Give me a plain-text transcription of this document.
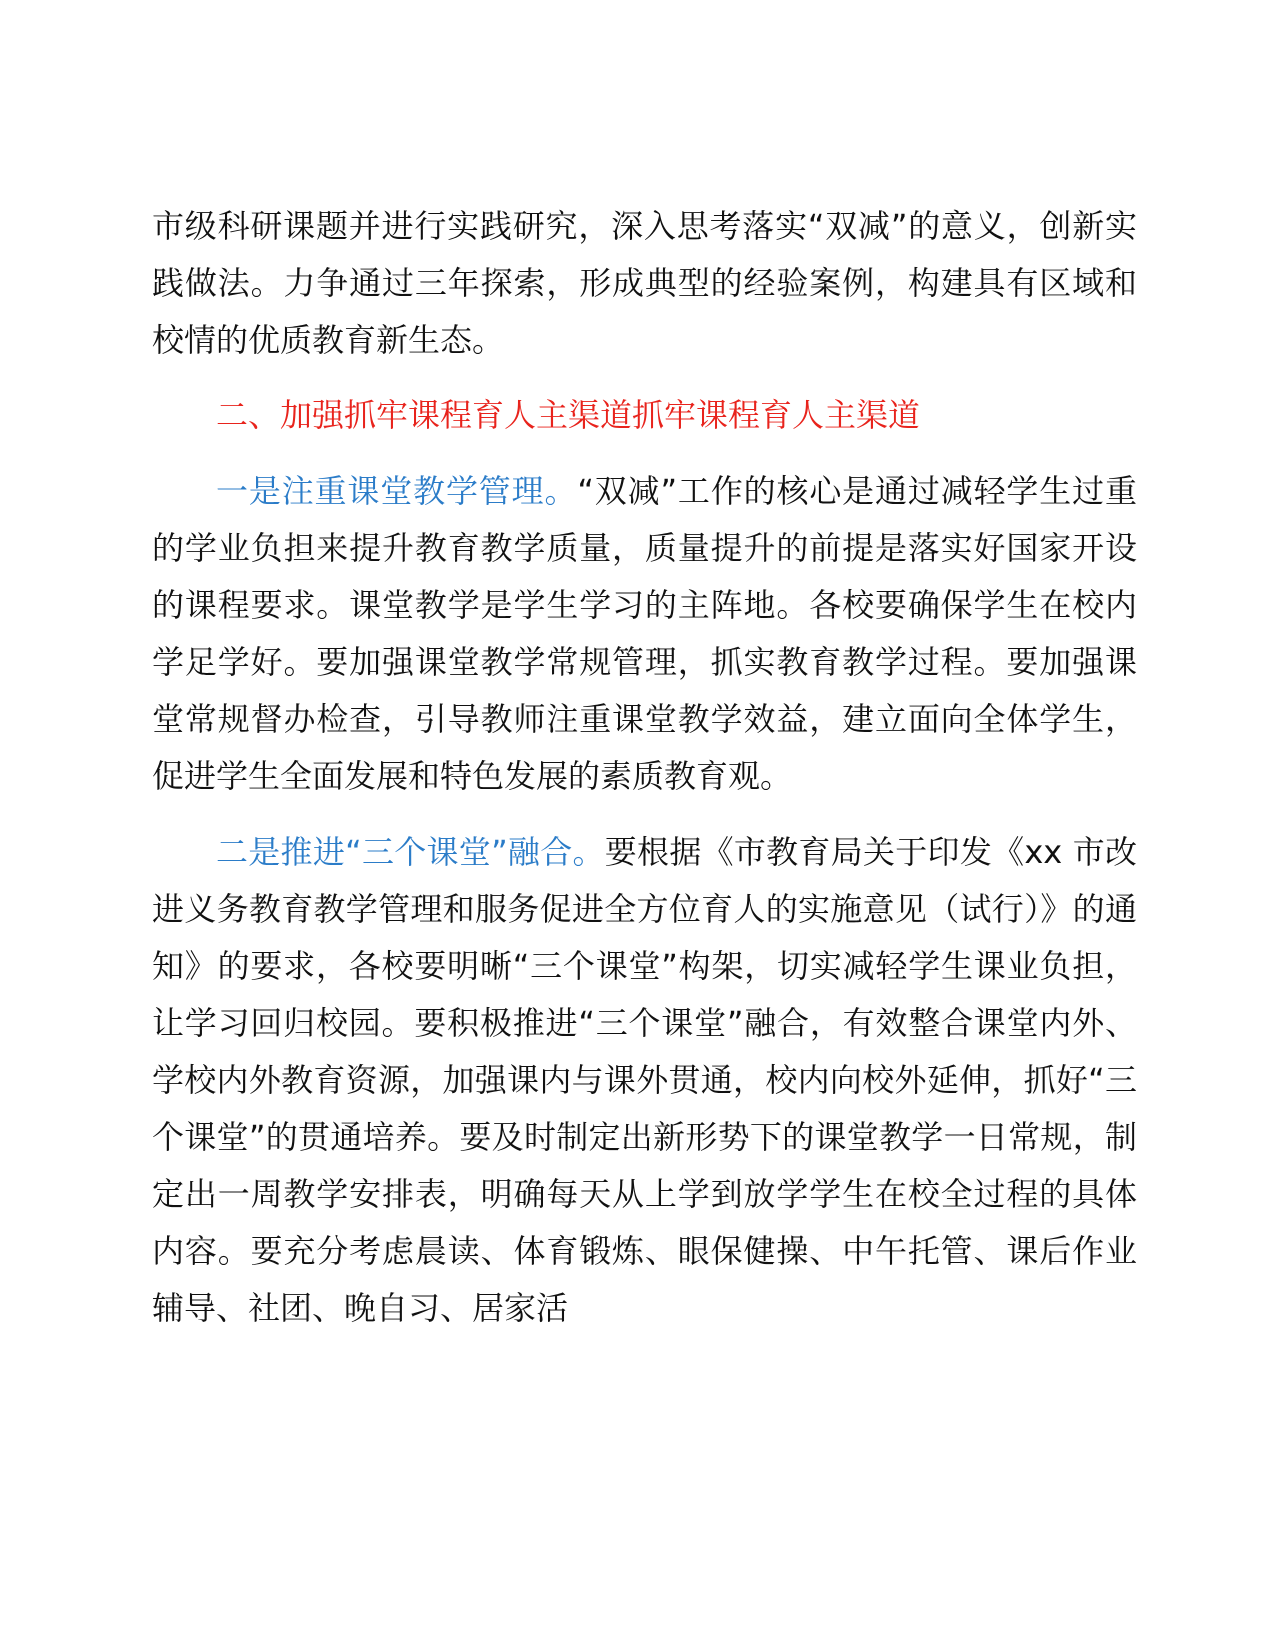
市级科研课题并进行实践研究，深入思考落实“双减”的意义，创新实践做法。力争通过三年探索，形成典型的经验案例，构建具有区域和校情的优质教育新生态。

二、加强抓牢课程育人主渠道抓牢课程育人主渠道

一是注重课堂教学管理。“双减”工作的核心是通过减轻学生过重的学业负担来提升教育教学质量，质量提升的前提是落实好国家开设的课程要求。课堂教学是学生学习的主阵地。各校要确保学生在校内学足学好。要加强课堂教学常规管理，抓实教育教学过程。要加强课堂常规督办检查，引导教师注重课堂教学效益，建立面向全体学生，促进学生全面发展和特色发展的素质教育观。

二是推进“三个课堂”融合。要根据《市教育局关于印发《xx 市改进义务教育教学管理和服务促进全方位育人的实施意见（试行）》的通知》的要求，各校要明晰“三个课堂”构架，切实减轻学生课业负担，让学习回归校园。要积极推进“三个课堂”融合，有效整合课堂内外、学校内外教育资源，加强课内与课外贯通，校内向校外延伸，抓好“三个课堂”的贯通培养。要及时制定出新形势下的课堂教学一日常规，制定出一周教学安排表，明确每天从上学到放学学生在校全过程的具体内容。要充分考虑晨读、体育锻炼、眼保健操、中午托管、课后作业辅导、社团、晚自习、居家活
